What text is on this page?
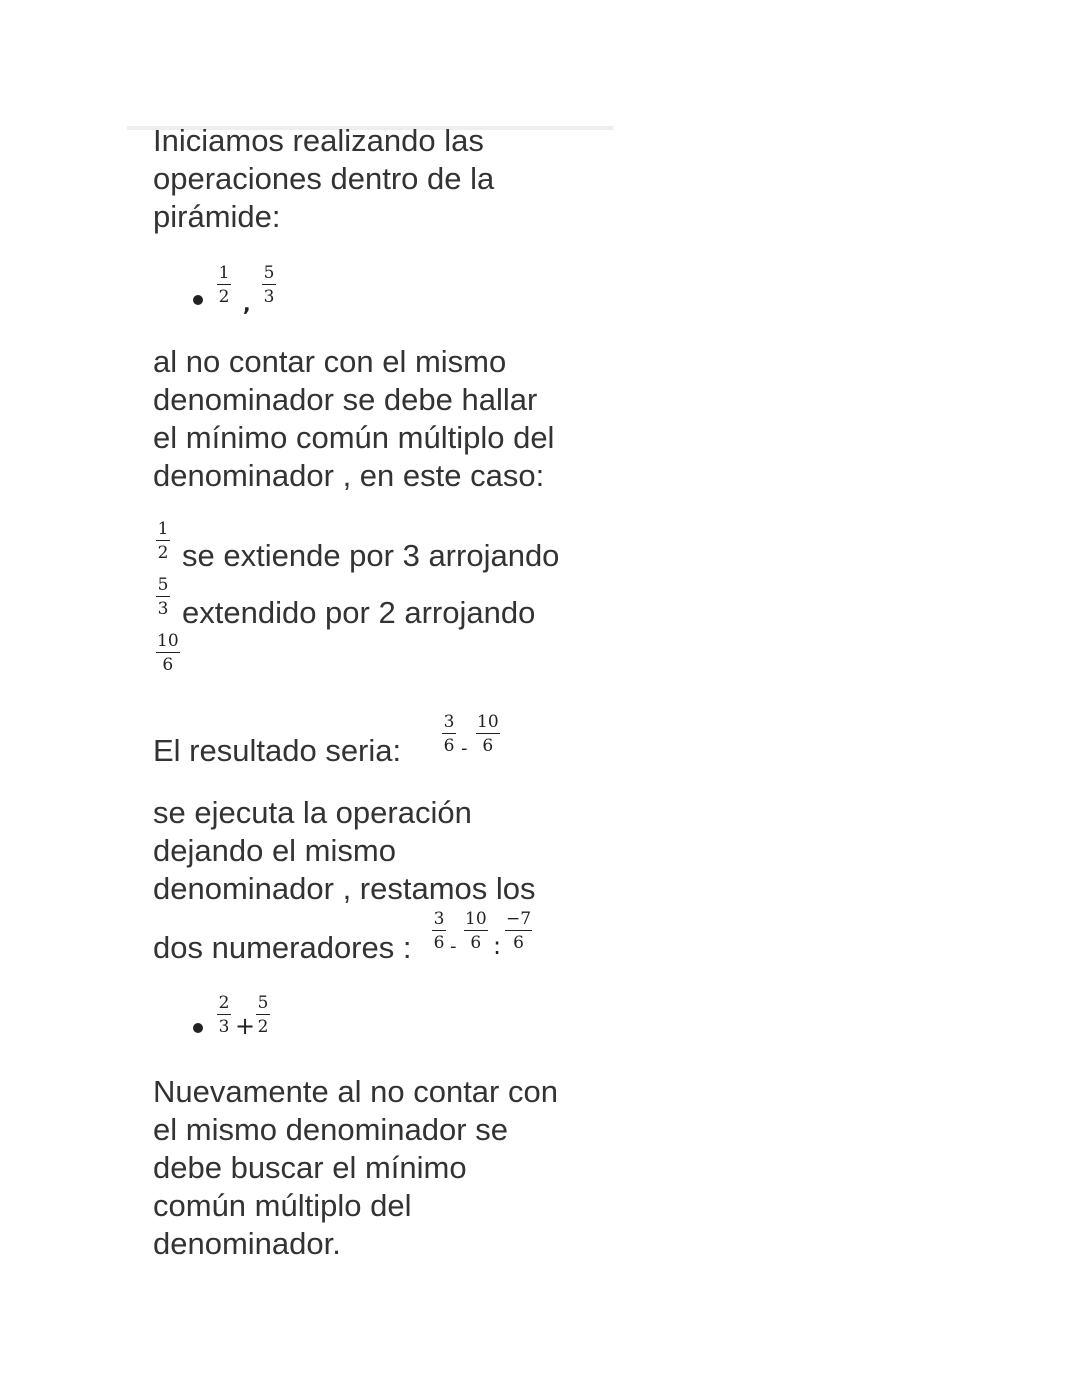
Iniciamos realizando las

operaciones dentro de la

pirámide:

$\frac{1}{2}$ , $\frac{5}{3}$

al no contar con el mismo

denominador se debe hallar

el mínimo común múltiplo del

denominador , en este caso:

$\frac{1}{2}$ se extiende por 3 arrojando

$\frac{5}{3}$ extendido por 2 arrojando

$\frac{10}{6}$

El resultado seria: $\frac{3}{6} - \frac{10}{6}$

se ejecuta la operación

dejando el mismo

denominador , restamos los

dos numeradores : $\frac{3}{6} - \frac{10}{6}$ : $\frac{-7}{6}$
$\frac{2}{3} + \frac{5}{2}$

Nuevamente al no contar con

el mismo denominador se

debe buscar el mínimo

común múltiplo del

denominador.
